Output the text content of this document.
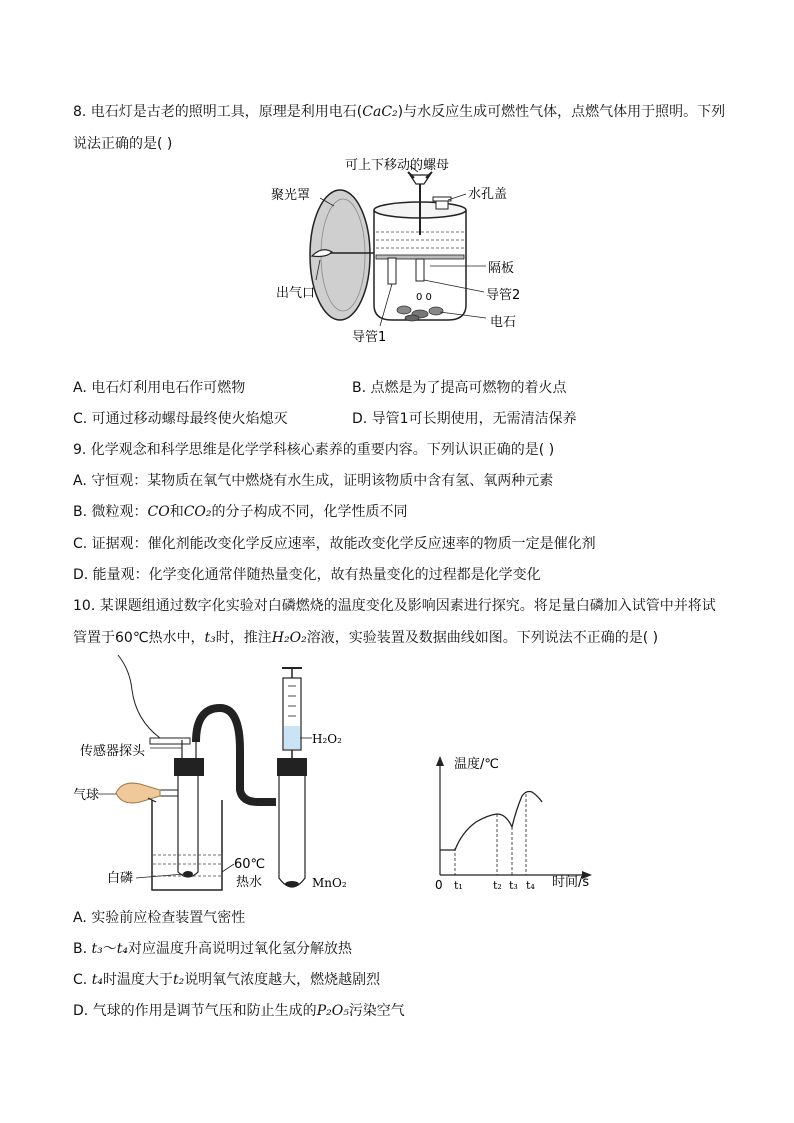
8. 电石灯是古老的照明工具，原理是利用电石(CaC₂)与水反应生成可燃性气体，点燃气体用于照明。下列
说法正确的是( )
可上下移动的螺母
聚光罩	水孔盖
出气口
隔板
导管2
电石
导管1
0 0
A. 电石灯利用电石作可燃物	B. 点燃是为了提高可燃物的着火点
C. 可通过移动螺母最终使火焰熄灭	D. 导管1可长期使用，无需清洁保养
9. 化学观念和科学思维是化学学科核心素养的重要内容。下列认识正确的是( )
A. 守恒观：某物质在氧气中燃烧有水生成，证明该物质中含有氢、氧两种元素
B. 微粒观：CO和CO₂的分子构成不同，化学性质不同
C. 证据观：催化剂能改变化学反应速率，故能改变化学反应速率的物质一定是催化剂
D. 能量观：化学变化通常伴随热量变化，故有热量变化的过程都是化学变化
10. 某课题组通过数字化实验对白磷燃烧的温度变化及影响因素进行探究。将足量白磷加入试管中并将试
管置于60℃热水中，t₃时，推注H₂O₂溶液，实验装置及数据曲线如图。下列说法不正确的是( )
传感器探头
气球
白磷
60℃
热水
H₂O₂
MnO₂
温度/℃
时间/s
0 t₁	t₂ t₃ t₄
A. 实验前应检查装置气密性
B. t₃～t₄对应温度升高说明过氧化氢分解放热
C. t₄时温度大于t₂说明氧气浓度越大，燃烧越剧烈
D. 气球的作用是调节气压和防止生成的P₂O₅污染空气
